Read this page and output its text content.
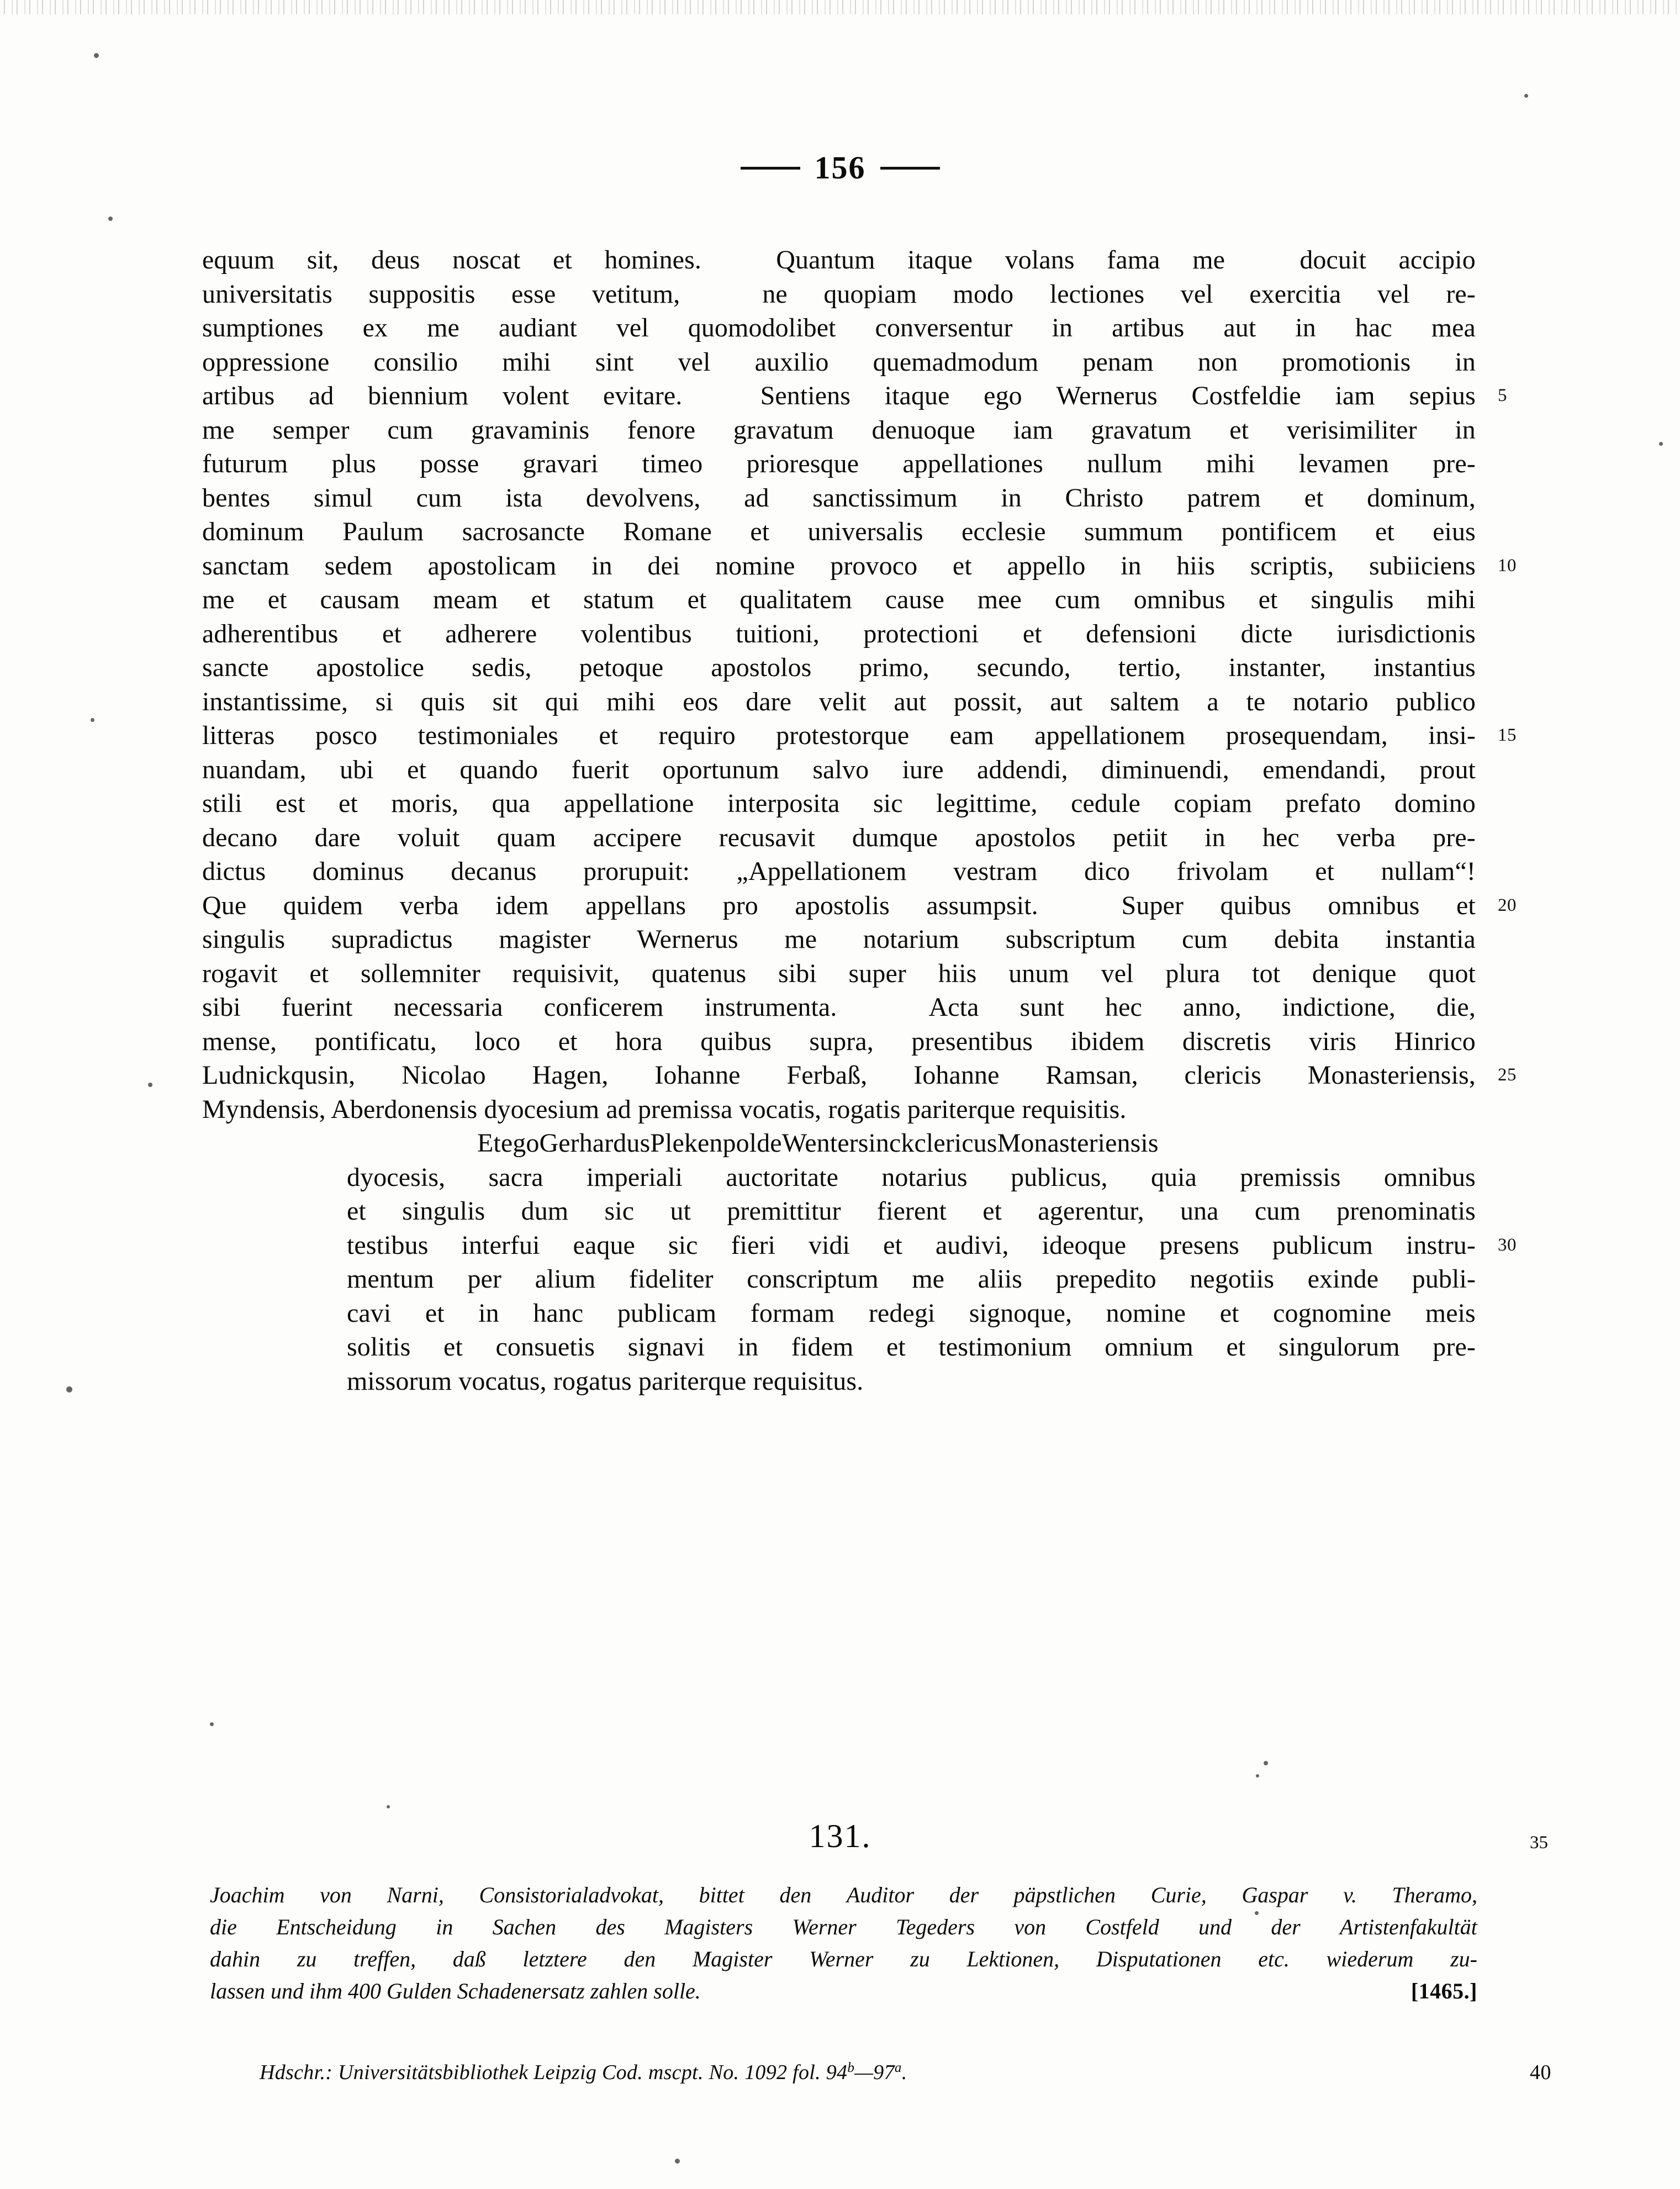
156
equum sit, deus noscat et homines.
	Quantum itaque volans fama me
	docuit accipio
universitatis suppositis esse vetitum,
	ne quopiam modo lectiones vel exercitia vel re-
sumptiones ex me audiant vel quomodolibet conversentur in artibus aut in hac mea
oppressione consilio mihi sint vel auxilio quemadmodum penam non promotionis in
artibus ad biennium volent evitare.
	Sentiens itaque ego Wernerus Costfeldie iam sepius
me semper cum gravaminis fenore gravatum denuoque iam gravatum et verisimiliter in
futurum plus posse gravari timeo prioresque appellationes nullum mihi levamen pre-
bentes simul cum ista devolvens, ad sanctissimum in Christo patrem et dominum,
dominum Paulum sacrosancte Romane et universalis ecclesie summum pontificem et eius
sanctam sedem apostolicam in dei nomine provoco et appello in hiis scriptis, subiiciens
me et causam meam et statum et qualitatem cause mee cum omnibus et singulis mihi
adherentibus et adherere volentibus tuitioni, protectioni et defensioni dicte iurisdictionis
sancte apostolice sedis, petoque apostolos primo, secundo, tertio, instanter, instantius
instantissime, si quis sit qui mihi eos dare velit aut possit, aut saltem a te notario publico
litteras posco testimoniales et requiro protestorque eam appellationem prosequendam, insi-
nuandam, ubi et quando fuerit oportunum salvo iure addendi, diminuendi, emendandi, prout
stili est et moris, qua appellatione interposita sic legittime, cedule copiam prefato domino
decano dare voluit quam accipere recusavit dumque apostolos petiit in hec verba pre-
dictus dominus decanus prorupuit: „Appellationem vestram dico frivolam et nullam“!
Que quidem verba idem appellans pro apostolis assumpsit.
	Super quibus omnibus et
singulis supradictus magister Wernerus me notarium subscriptum cum debita instantia
rogavit et sollemniter requisivit, quatenus sibi super hiis unum vel plura tot denique quot
sibi fuerint necessaria conficerem instrumenta.
	Acta sunt hec anno, indictione, die,
mense, pontificatu, loco et hora quibus supra, presentibus ibidem discretis viris Hinrico
Ludnickqusin, Nicolao Hagen, Iohanne Ferbaß, Iohanne Ramsan, clericis Monasteriensis,
Myndensis, Aberdonensis dyocesium ad premissa vocatis, rogatis pariterque requisitis.
Et ego Gerhardus Plekenpol de Wentersinck clericus Monasteriensis
dyocesis, sacra imperiali auctoritate notarius publicus, quia premissis omnibus
et singulis dum sic ut premittitur fierent et agerentur, una cum prenominatis
testibus interfui eaque sic fieri vidi et audivi, ideoque presens publicum instru-
mentum per alium fideliter conscriptum me aliis prepedito negotiis exinde publi-
cavi et in hanc publicam formam redegi signoque, nomine et cognomine meis
solitis et consuetis signavi in fidem et testimonium omnium et singulorum pre-
missorum vocatus, rogatus pariterque requisitus.
5
10
15
20
25
30
131.	35
[1465.]
Joachim von Narni, Consistorialadvokat, bittet den Auditor der päpstlichen Curie, Gaspar v. Theramo,
die Entscheidung in Sachen des Magisters Werner Tegeders von Costfeld und der Artistenfakultät
dahin zu treffen, daß letztere den Magister Werner zu Lektionen, Disputationen etc. wiederum zu-
lassen und ihm 400 Gulden Schadenersatz zahlen solle.
Hdschr.: Universitätsbibliothek Leipzig Cod. mscpt. No. 1092 fol. 94$^b$—97$^a$.	40
